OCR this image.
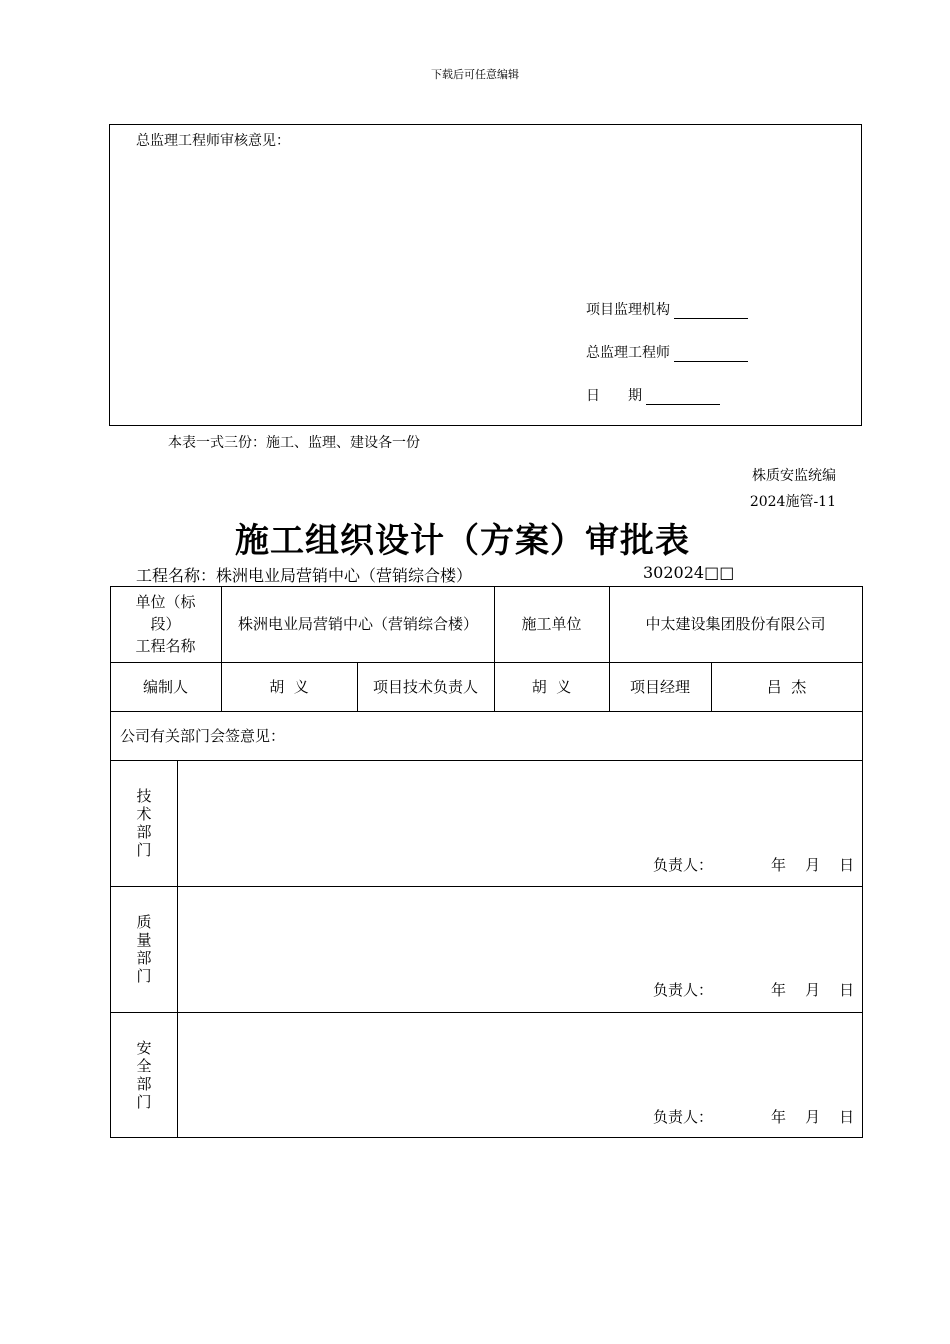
下载后可任意编辑
总监理工程师审核意见：
项目监理机构
总监理工程师
日　　期
本表一式三份：施工、监理、建设各一份
株质安监统编
2024施管-11
施工组织设计（方案）审批表
工程名称：株洲电业局营销中心（营销综合楼）	302024□□
单位（标
段）
工程名称
株洲电业局营销中心（营销综合楼）	施工单位	中太建设集团股份有限公司
编制人	胡  义	项目技术负责人	胡  义	项目经理	吕  杰
公司有关部门会签意见：
技
术
部
门
负责人：	年    月    日
质
量
部
门
负责人：	年    月    日
安
全
部
门
负责人：	年    月    日
